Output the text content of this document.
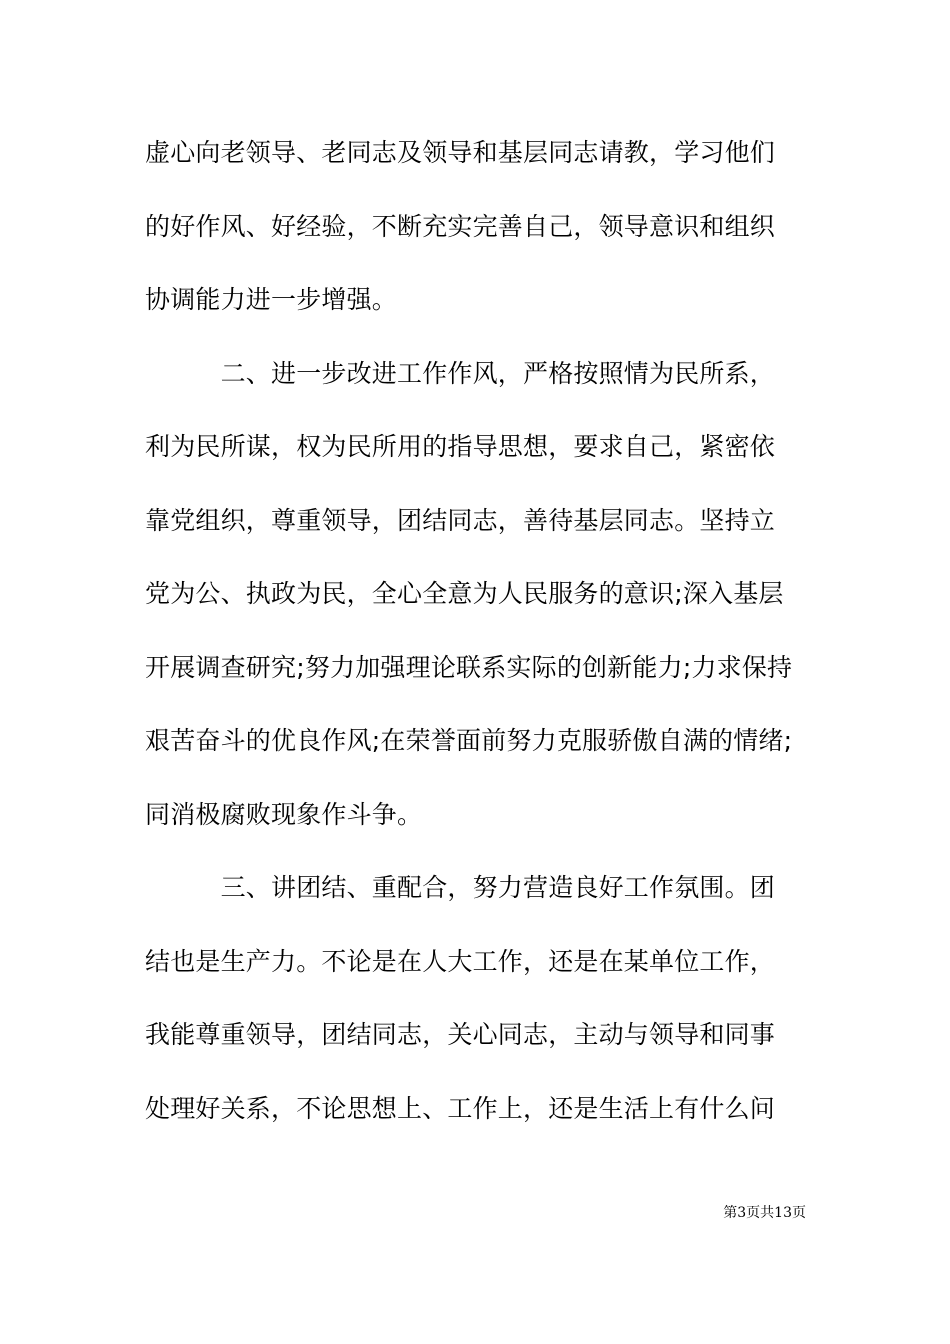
虚心向老领导、老同志及领导和基层同志请教，学习他们
的好作风、好经验，不断充实完善自己，领导意识和组织
协调能力进一步增强。
　　　二、进一步改进工作作风，严格按照情为民所系，
利为民所谋，权为民所用的指导思想，要求自己，紧密依
靠党组织，尊重领导，团结同志，善待基层同志。坚持立
党为公、执政为民，全心全意为人民服务的意识;深入基层
开展调查研究;努力加强理论联系实际的创新能力;力求保持
艰苦奋斗的优良作风;在荣誉面前努力克服骄傲自满的情绪;
同消极腐败现象作斗争。
　　　三、讲团结、重配合，努力营造良好工作氛围。团
结也是生产力。不论是在人大工作，还是在某单位工作，
我能尊重领导，团结同志，关心同志，主动与领导和同事
处理好关系，不论思想上、工作上，还是生活上有什么问
第3页共13页
